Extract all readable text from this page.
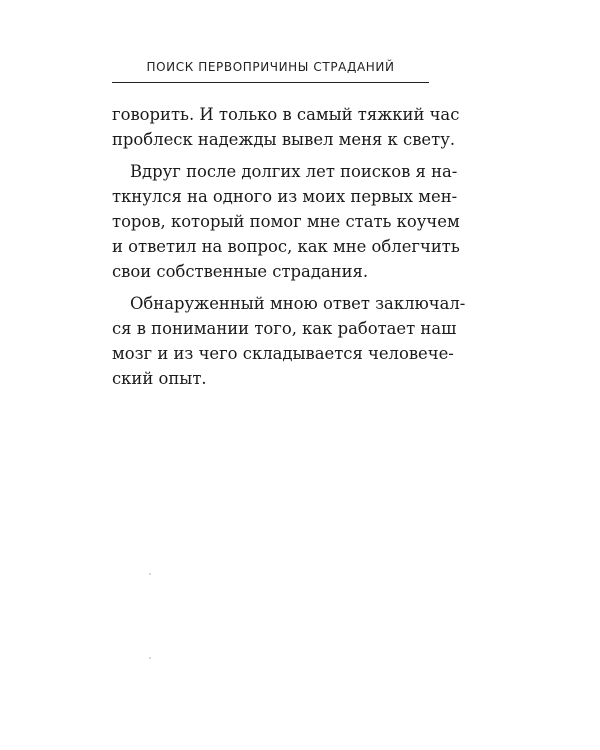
ПОИСК ПЕРВОПРИЧИНЫ СТРАДАНИЙ
говорить. И только в самый тяжкий час
проблеск надежды вывел меня к свету.
Вдруг после долгих лет поисков я на-
ткнулся на одного из моих первых мен-
торов, который помог мне стать коучем
и ответил на вопрос, как мне облегчить
свои собственные страдания.
Обнаруженный мною ответ заключал-
ся в понимании того, как работает наш
мозг и из чего складывается человече-
ский опыт.
